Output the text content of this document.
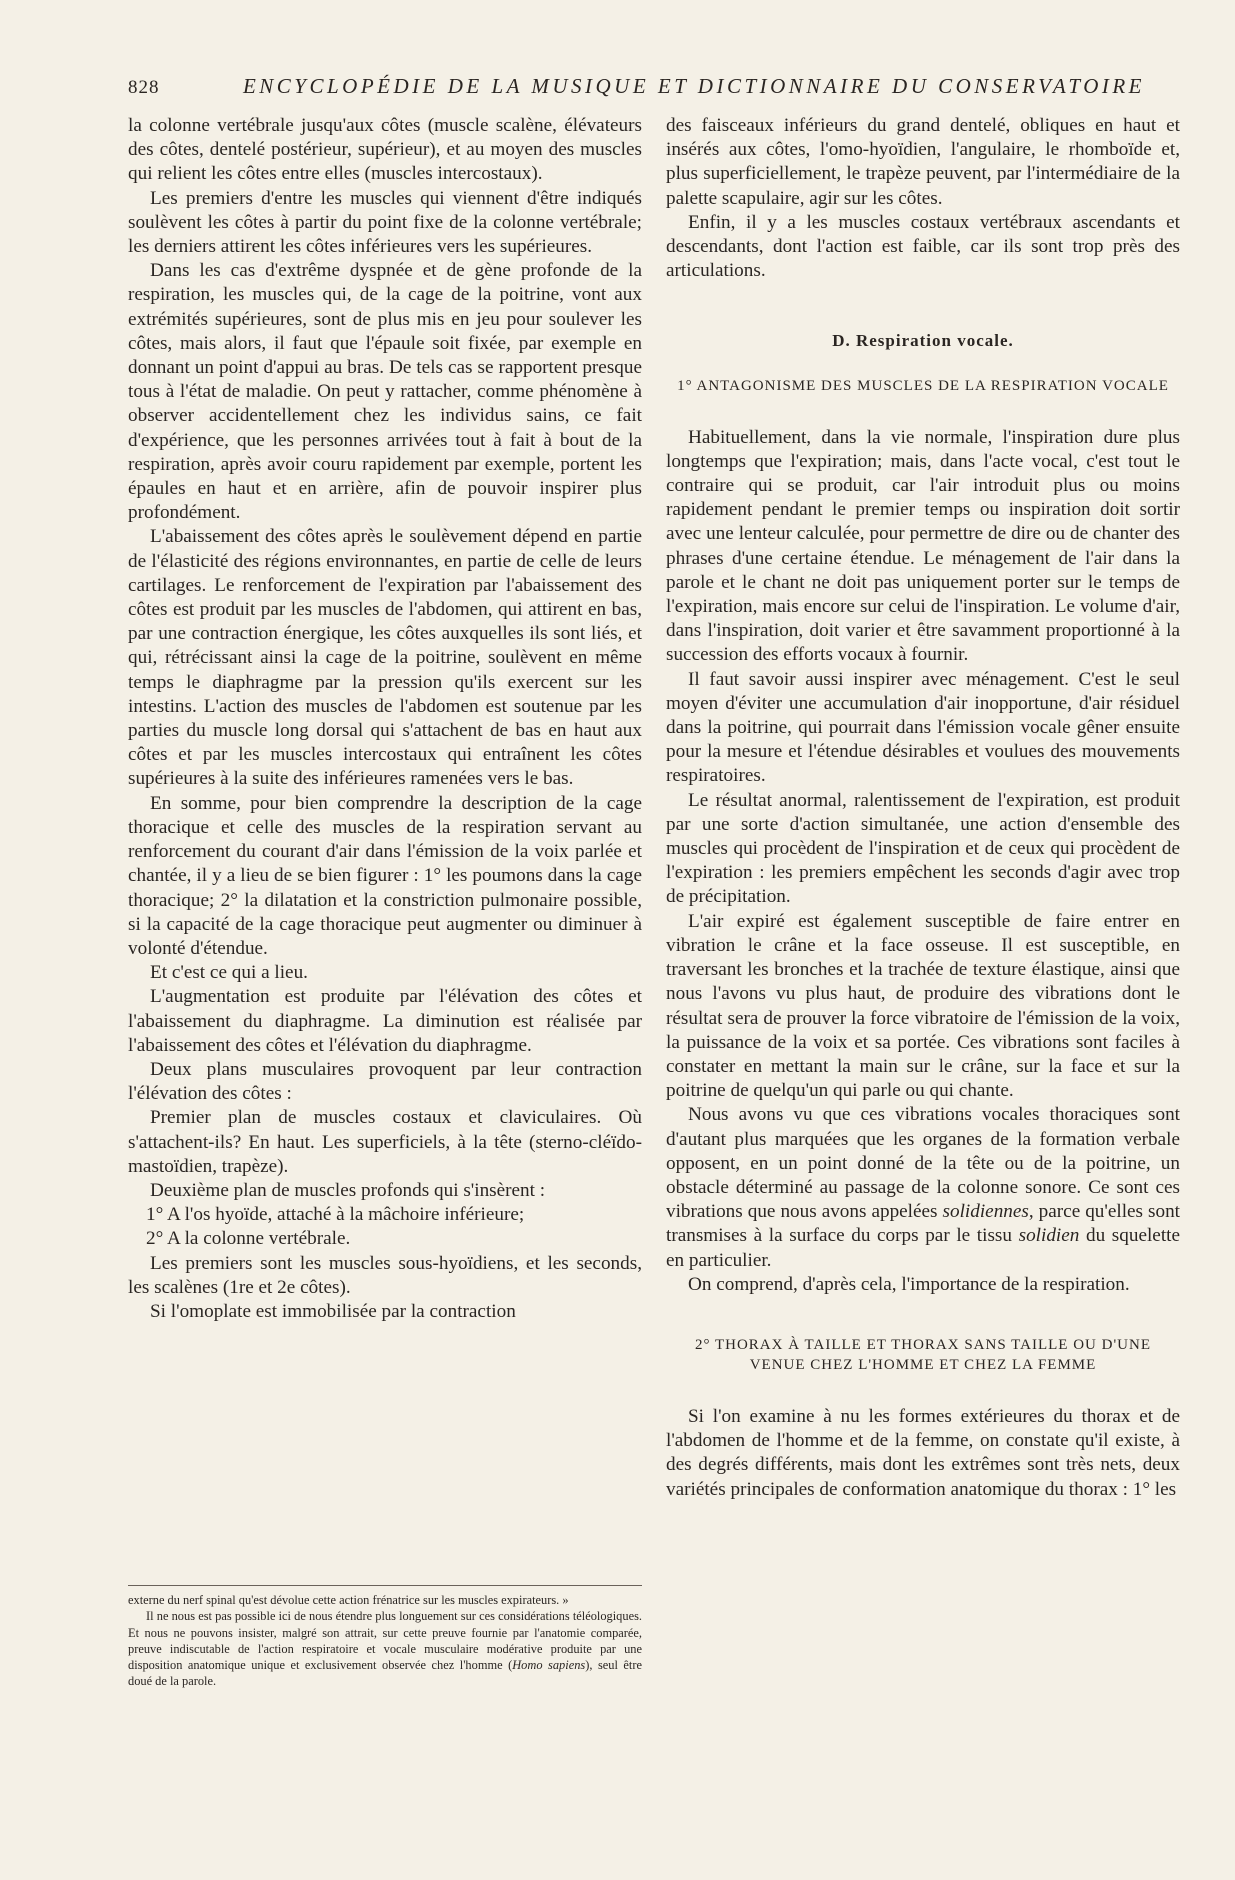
828	ENCYCLOPÉDIE DE LA MUSIQUE ET DICTIONNAIRE DU CONSERVATOIRE

la colonne vertébrale jusqu'aux côtes (muscle scalène, élévateurs des côtes, dentelé postérieur, supérieur), et au moyen des muscles qui relient les côtes entre elles (muscles intercostaux).

Les premiers d'entre les muscles qui viennent d'être indiqués soulèvent les côtes à partir du point fixe de la colonne vertébrale; les derniers attirent les côtes inférieures vers les supérieures.

Dans les cas d'extrême dyspnée et de gène profonde de la respiration, les muscles qui, de la cage de la poitrine, vont aux extrémités supérieures, sont de plus mis en jeu pour soulever les côtes, mais alors, il faut que l'épaule soit fixée, par exemple en donnant un point d'appui au bras. De tels cas se rapportent presque tous à l'état de maladie. On peut y rattacher, comme phénomène à observer accidentellement chez les individus sains, ce fait d'expérience, que les personnes arrivées tout à fait à bout de la respiration, après avoir couru rapidement par exemple, portent les épaules en haut et en arrière, afin de pouvoir inspirer plus profondément.

L'abaissement des côtes après le soulèvement dépend en partie de l'élasticité des régions environnantes, en partie de celle de leurs cartilages. Le renforcement de l'expiration par l'abaissement des côtes est produit par les muscles de l'abdomen, qui attirent en bas, par une contraction énergique, les côtes auxquelles ils sont liés, et qui, rétrécissant ainsi la cage de la poitrine, soulèvent en même temps le diaphragme par la pression qu'ils exercent sur les intestins. L'action des muscles de l'abdomen est soutenue par les parties du muscle long dorsal qui s'attachent de bas en haut aux côtes et par les muscles intercostaux qui entraînent les côtes supérieures à la suite des inférieures ramenées vers le bas.

En somme, pour bien comprendre la description de la cage thoracique et celle des muscles de la respiration servant au renforcement du courant d'air dans l'émission de la voix parlée et chantée, il y a lieu de se bien figurer : 1° les poumons dans la cage thoracique; 2° la dilatation et la constriction pulmonaire possible, si la capacité de la cage thoracique peut augmenter ou diminuer à volonté d'étendue.

Et c'est ce qui a lieu.

L'augmentation est produite par l'élévation des côtes et l'abaissement du diaphragme. La diminution est réalisée par l'abaissement des côtes et l'élévation du diaphragme.

Deux plans musculaires provoquent par leur contraction l'élévation des côtes :

Premier plan de muscles costaux et claviculaires. Où s'attachent-ils? En haut. Les superficiels, à la tête (sterno-cléïdo-mastoïdien, trapèze).

Deuxième plan de muscles profonds qui s'insèrent :

1° A l'os hyoïde, attaché à la mâchoire inférieure;

2° A la colonne vertébrale.

Les premiers sont les muscles sous-hyoïdiens, et les seconds, les scalènes (1re et 2e côtes).

Si l'omoplate est immobilisée par la contraction

externe du nerf spinal qu'est dévolue cette action frénatrice sur les muscles expirateurs. »

Il ne nous est pas possible ici de nous étendre plus longuement sur ces considérations téléologiques. Et nous ne pouvons insister, malgré son attrait, sur cette preuve fournie par l'anatomie comparée, preuve indiscutable de l'action respiratoire et vocale musculaire modérative produite par une disposition anatomique unique et exclusivement observée chez l'homme (Homo sapiens), seul être doué de la parole.

des faisceaux inférieurs du grand dentelé, obliques en haut et insérés aux côtes, l'omo-hyoïdien, l'angulaire, le rhomboïde et, plus superficiellement, le trapèze peuvent, par l'intermédiaire de la palette scapulaire, agir sur les côtes.

Enfin, il y a les muscles costaux vertébraux ascendants et descendants, dont l'action est faible, car ils sont trop près des articulations.

D. Respiration vocale.

1° ANTAGONISME DES MUSCLES DE LA RESPIRATION VOCALE

Habituellement, dans la vie normale, l'inspiration dure plus longtemps que l'expiration; mais, dans l'acte vocal, c'est tout le contraire qui se produit, car l'air introduit plus ou moins rapidement pendant le premier temps ou inspiration doit sortir avec une lenteur calculée, pour permettre de dire ou de chanter des phrases d'une certaine étendue. Le ménagement de l'air dans la parole et le chant ne doit pas uniquement porter sur le temps de l'expiration, mais encore sur celui de l'inspiration. Le volume d'air, dans l'inspiration, doit varier et être savamment proportionné à la succession des efforts vocaux à fournir.

Il faut savoir aussi inspirer avec ménagement. C'est le seul moyen d'éviter une accumulation d'air inopportune, d'air résiduel dans la poitrine, qui pourrait dans l'émission vocale gêner ensuite pour la mesure et l'étendue désirables et voulues des mouvements respiratoires.

Le résultat anormal, ralentissement de l'expiration, est produit par une sorte d'action simultanée, une action d'ensemble des muscles qui procèdent de l'inspiration et de ceux qui procèdent de l'expiration : les premiers empêchent les seconds d'agir avec trop de précipitation.

L'air expiré est également susceptible de faire entrer en vibration le crâne et la face osseuse. Il est susceptible, en traversant les bronches et la trachée de texture élastique, ainsi que nous l'avons vu plus haut, de produire des vibrations dont le résultat sera de prouver la force vibratoire de l'émission de la voix, la puissance de la voix et sa portée. Ces vibrations sont faciles à constater en mettant la main sur le crâne, sur la face et sur la poitrine de quelqu'un qui parle ou qui chante.

Nous avons vu que ces vibrations vocales thoraciques sont d'autant plus marquées que les organes de la formation verbale opposent, en un point donné de la tête ou de la poitrine, un obstacle déterminé au passage de la colonne sonore. Ce sont ces vibrations que nous avons appelées solidiennes, parce qu'elles sont transmises à la surface du corps par le tissu solidien du squelette en particulier.

On comprend, d'après cela, l'importance de la respiration.

2° THORAX À TAILLE ET THORAX SANS TAILLE OU D'UNE VENUE CHEZ L'HOMME ET CHEZ LA FEMME

Si l'on examine à nu les formes extérieures du thorax et de l'abdomen de l'homme et de la femme, on constate qu'il existe, à des degrés différents, mais dont les extrêmes sont très nets, deux variétés principales de conformation anatomique du thorax : 1° les
